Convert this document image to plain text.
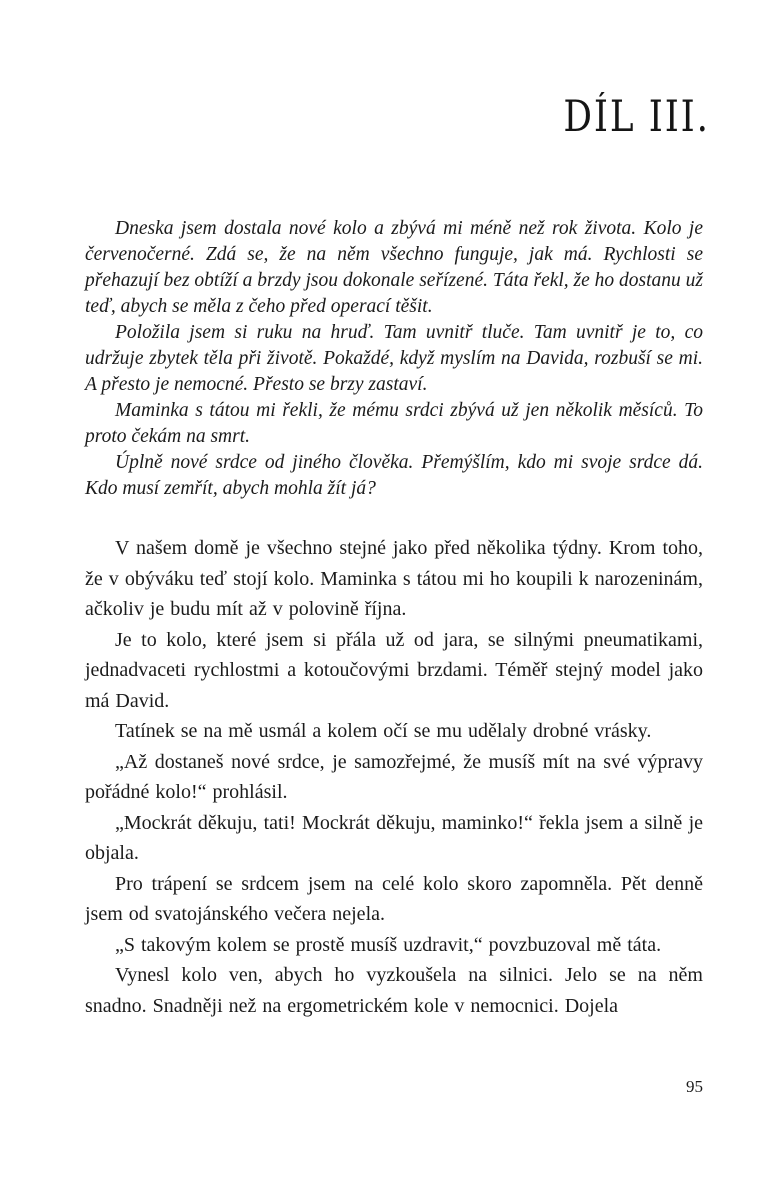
DÍL III.

Dneska jsem dostala nové kolo a zbývá mi méně než rok života. Kolo je červenočerné. Zdá se, že na něm všechno funguje, jak má. Rychlosti se přehazují bez obtíží a brzdy jsou dokonale seřízené. Táta řekl, že ho dostanu už teď, abych se měla z čeho před operací těšit.

Položila jsem si ruku na hruď. Tam uvnitř tluče. Tam uvnitř je to, co udržuje zbytek těla při životě. Pokaždé, když myslím na Davida, rozbuší se mi. A přesto je nemocné. Přesto se brzy zastaví.

Maminka s tátou mi řekli, že mému srdci zbývá už jen několik měsíců. To proto čekám na smrt.

Úplně nové srdce od jiného člověka. Přemýšlím, kdo mi svoje srdce dá. Kdo musí zemřít, abych mohla žít já?

V našem domě je všechno stejné jako před několika týdny. Krom toho, že v obýváku teď stojí kolo. Maminka s tátou mi ho koupili k narozeninám, ačkoliv je budu mít až v polovině října.

Je to kolo, které jsem si přála už od jara, se silnými pneumatikami, jednadvaceti rychlostmi a kotoučovými brzdami. Téměř stejný model jako má David.

Tatínek se na mě usmál a kolem očí se mu udělaly drobné vrásky.

„Až dostaneš nové srdce, je samozřejmé, že musíš mít na své výpravy pořádné kolo!“ prohlásil.

„Mockrát děkuju, tati! Mockrát děkuju, maminko!“ řekla jsem a silně je objala.

Pro trápení se srdcem jsem na celé kolo skoro zapomněla. Pět denně jsem od svatojánského večera nejela.

„S takovým kolem se prostě musíš uzdravit,“ povzbuzoval mě táta.

Vynesl kolo ven, abych ho vyzkoušela na silnici. Jelo se na něm snadno. Snadněji než na ergometrickém kole v nemocnici. Dojela

95
